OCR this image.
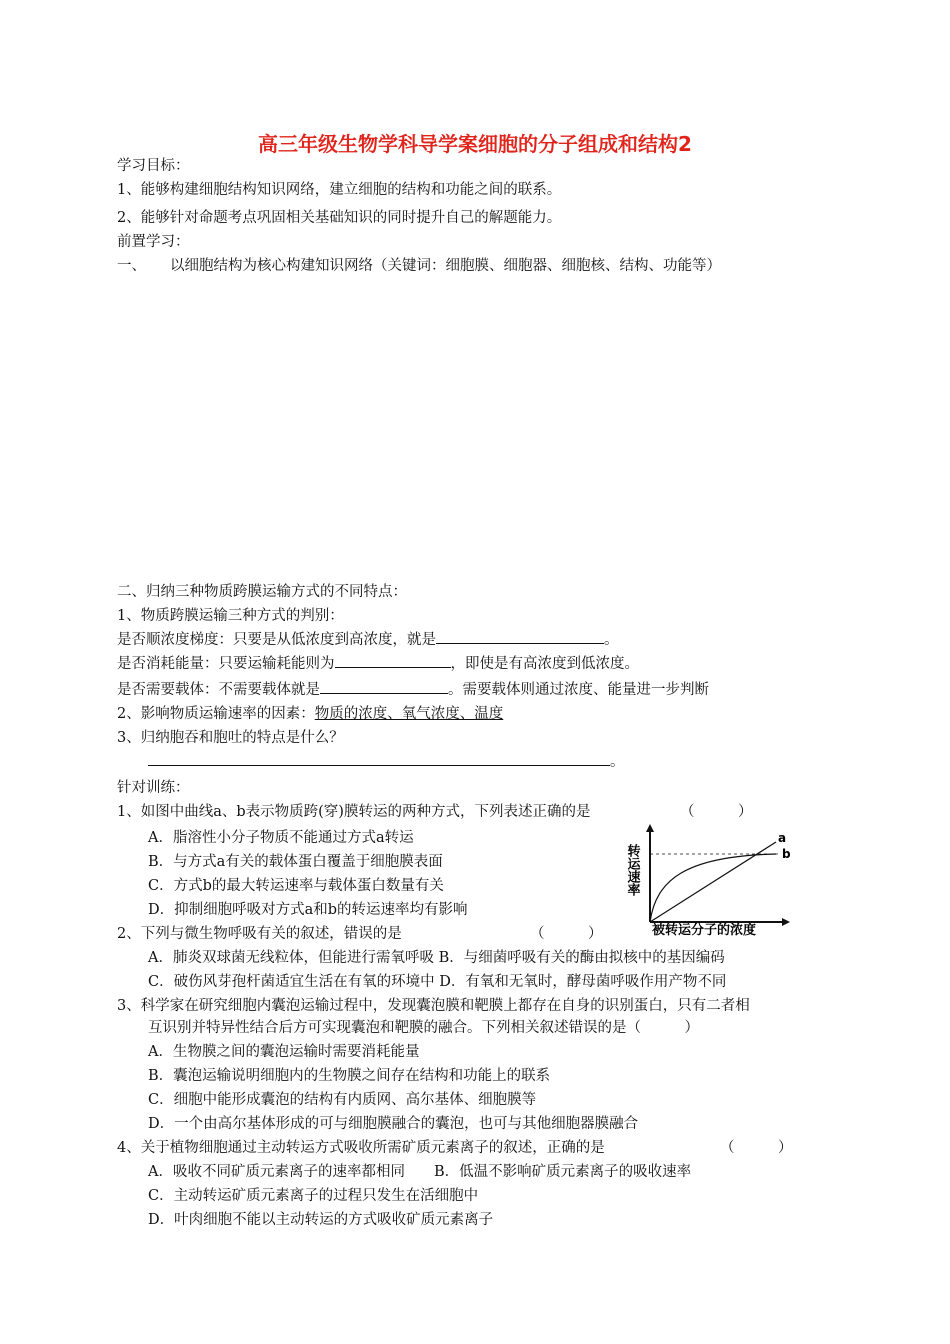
高三年级生物学科导学案细胞的分子组成和结构2
学习目标：
1、能够构建细胞结构知识网络，建立细胞的结构和功能之间的联系。
2、能够针对命题考点巩固相关基础知识的同时提升自己的解题能力。
前置学习：
一、 以细胞结构为核心构建知识网络（关键词：细胞膜、细胞器、细胞核、结构、功能等）
二、归纳三种物质跨膜运输方式的不同特点：
1、物质跨膜运输三种方式的判别：
是否顺浓度梯度：只要是从低浓度到高浓度，就是	。
是否消耗能量：只要运输耗能则为	，即使是有高浓度到低浓度。
是否需要载体：不需要载体就是	。需要载体则通过浓度、能量进一步判断
2、影响物质运输速率的因素：物质的浓度、氧气浓度、温度
3、归纳胞吞和胞吐的特点是什么？
。
针对训练：
1、如图中曲线a、b表示物质跨(穿)膜转运的两种方式，下列表述正确的是	（　　　）
A．脂溶性小分子物质不能通过方式a转运
B．与方式a有关的载体蛋白覆盖于细胞膜表面
C．方式b的最大转运速率与载体蛋白数量有关
D．抑制细胞呼吸对方式a和b的转运速率均有影响
转运速率
被转运分子的浓度
a
b
2、下列与微生物呼吸有关的叙述，错误的是	（　　　）
A．肺炎双球菌无线粒体，但能进行需氧呼吸 B．与细菌呼吸有关的酶由拟核中的基因编码
C．破伤风芽孢杆菌适宜生活在有氧的环境中 D．有氧和无氧时，酵母菌呼吸作用产物不同
3、科学家在研究细胞内囊泡运输过程中，发现囊泡膜和靶膜上都存在自身的识别蛋白，只有二者相
互识别并特异性结合后方可实现囊泡和靶膜的融合。下列相关叙述错误的是（　　　）
A．生物膜之间的囊泡运输时需要消耗能量
B．囊泡运输说明细胞内的生物膜之间存在结构和功能上的联系
C．细胞中能形成囊泡的结构有内质网、高尔基体、细胞膜等
D．一个由高尔基体形成的可与细胞膜融合的囊泡，也可与其他细胞器膜融合
4、关于植物细胞通过主动转运方式吸收所需矿质元素离子的叙述，正确的是	（　　　）
A．吸收不同矿质元素离子的速率都相同　　B．低温不影响矿质元素离子的吸收速率
C．主动转运矿质元素离子的过程只发生在活细胞中
D．叶肉细胞不能以主动转运的方式吸收矿质元素离子
